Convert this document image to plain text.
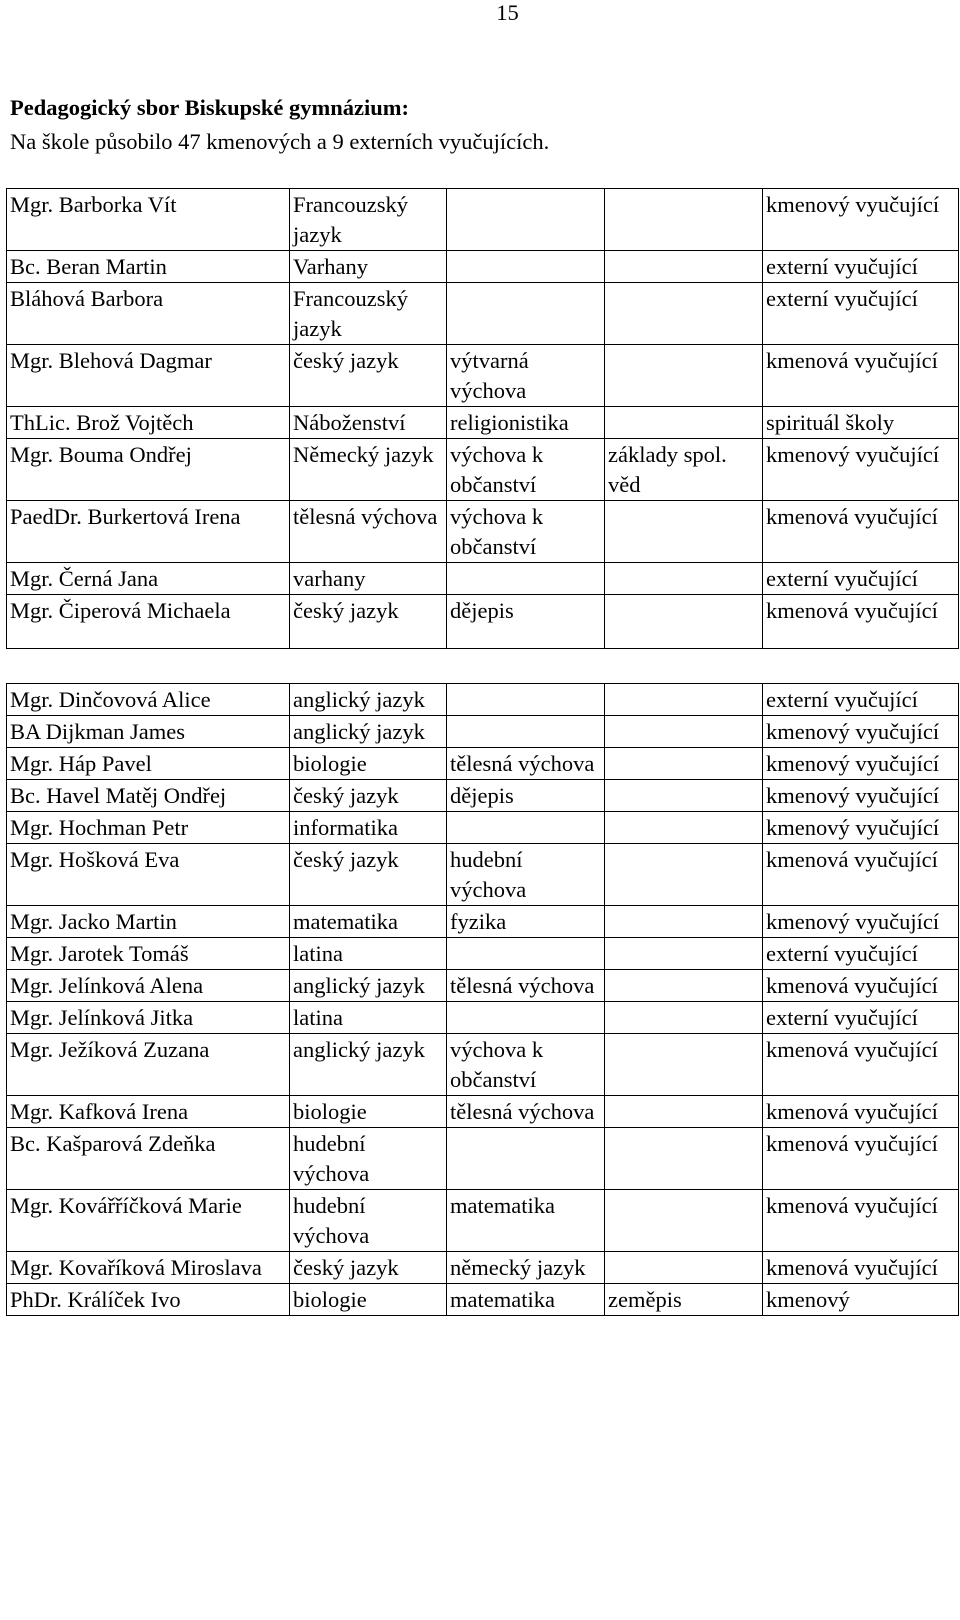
15
Pedagogický sbor Biskupské gymnázium:
Na škole působilo 47 kmenových a 9 externích vyučujících.
Mgr. Barborka Vít	Francouzský jazyk			kmenový vyučující
Bc. Beran Martin	Varhany			externí vyučující
Bláhová Barbora	Francouzský jazyk			externí vyučující
Mgr. Blehová Dagmar	český jazyk	výtvarná výchova		kmenová vyučující
ThLic. Brož Vojtěch	Náboženství	religionistika		spirituál školy
Mgr. Bouma Ondřej	Německý jazyk	výchova k občanství	základy spol. věd	kmenový vyučující
PaedDr. Burkertová Irena	tělesná výchova	výchova k občanství		kmenová vyučující
Mgr. Černá Jana	varhany			externí vyučující
Mgr. Čiperová Michaela	český jazyk	dějepis		kmenová vyučující
Mgr. Dinčovová Alice	anglický jazyk			externí vyučující
BA Dijkman James	anglický jazyk			kmenový vyučující
Mgr. Háp Pavel	biologie	tělesná výchova		kmenový vyučující
Bc. Havel Matěj Ondřej	český jazyk	dějepis		kmenový vyučující
Mgr. Hochman Petr	informatika			kmenový vyučující
Mgr. Hošková Eva	český jazyk	hudební výchova		kmenová vyučující
Mgr. Jacko Martin	matematika	fyzika		kmenový vyučující
Mgr. Jarotek Tomáš	latina			externí vyučující
Mgr. Jelínková Alena	anglický jazyk	tělesná výchova		kmenová vyučující
Mgr. Jelínková Jitka	latina			externí vyučující
Mgr. Ježíková Zuzana	anglický jazyk	výchova k občanství		kmenová vyučující
Mgr. Kafková Irena	biologie	tělesná výchova		kmenová vyučující
Bc. Kašparová Zdeňka	hudební výchova			kmenová vyučující
Mgr. Kovářříčková Marie	hudební výchova	matematika		kmenová vyučující
Mgr. Kovaříková Miroslava	český jazyk	německý jazyk		kmenová vyučující
PhDr. Králíček Ivo	biologie	matematika	zeměpis	kmenový
